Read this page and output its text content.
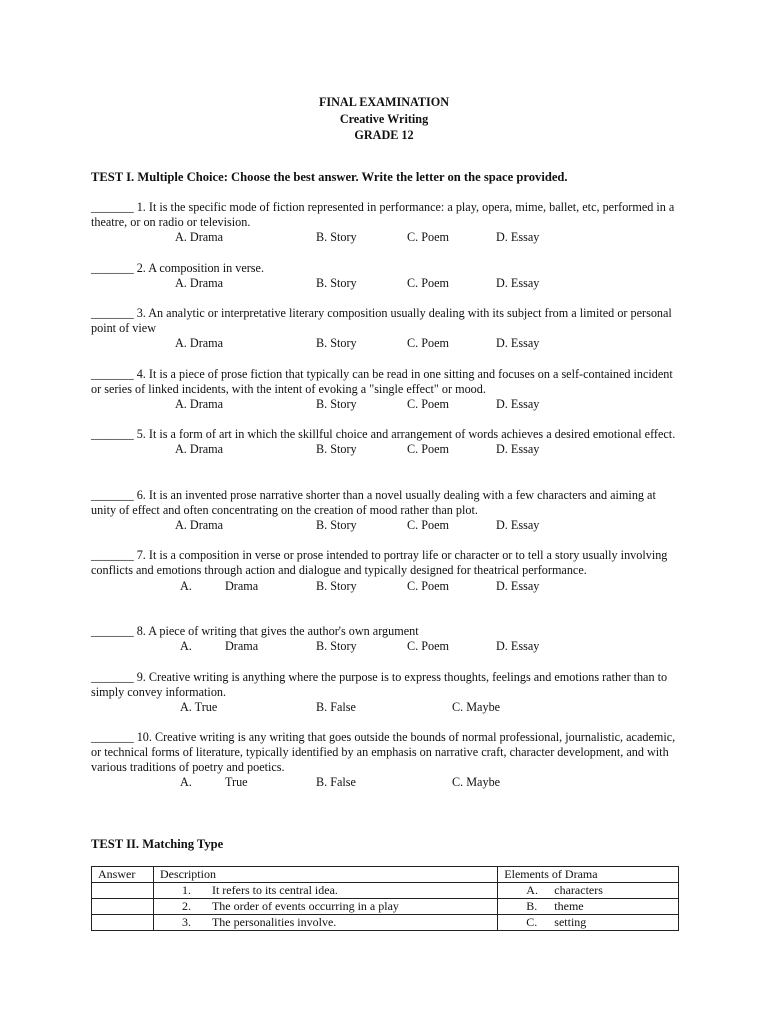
FINAL EXAMINATION
Creative Writing
GRADE 12
TEST I. Multiple Choice: Choose the best answer. Write the letter on the space provided.
_______ 1. It is the specific mode of fiction represented in performance: a play, opera, mime, ballet, etc, performed in a theatre, or on radio or television.
A. Drama	B. Story	C. Poem	D. Essay
_______ 2. A composition in verse.
A. Drama	B. Story	C. Poem	D. Essay
_______ 3. An analytic or interpretative literary composition usually dealing with its subject from a limited or personal point of view
A. Drama	B. Story	C. Poem	D. Essay
_______ 4. It is a piece of prose fiction that typically can be read in one sitting and focuses on a self-contained incident or series of linked incidents, with the intent of evoking a "single effect" or mood.
A. Drama	B. Story	C. Poem	D. Essay
_______ 5. It is a form of art in which the skillful choice and arrangement of words achieves a desired emotional effect.
A. Drama	B. Story	C. Poem	D. Essay
_______ 6. It is an invented prose narrative shorter than a novel usually dealing with a few characters and aiming at unity of effect and often concentrating on the creation of mood rather than plot.
A. Drama	B. Story	C. Poem	D. Essay
_______ 7. It is a composition in verse or prose intended to portray life or character or to tell a story usually involving conflicts and emotions through action and dialogue and typically designed for theatrical performance.
A.	Drama	B. Story	C. Poem	D. Essay
_______ 8. A piece of writing that gives the author's own argument
A.	Drama	B. Story	C. Poem	D. Essay
_______ 9. Creative writing is anything where the purpose is to express thoughts, feelings and emotions rather than to simply convey information.
A. True	B. False	C. Maybe
_______ 10. Creative writing is any writing that goes outside the bounds of normal professional, journalistic, academic, or technical forms of literature, typically identified by an emphasis on narrative craft, character development, and with various traditions of poetry and poetics.
A.	True	B. False	C. Maybe
TEST II. Matching Type
Answer	Description	Elements of Drama
	1. It refers to its central idea.	A. characters
	2. The order of events occurring in a play	B. theme
	3. The personalities involve.	C. setting
